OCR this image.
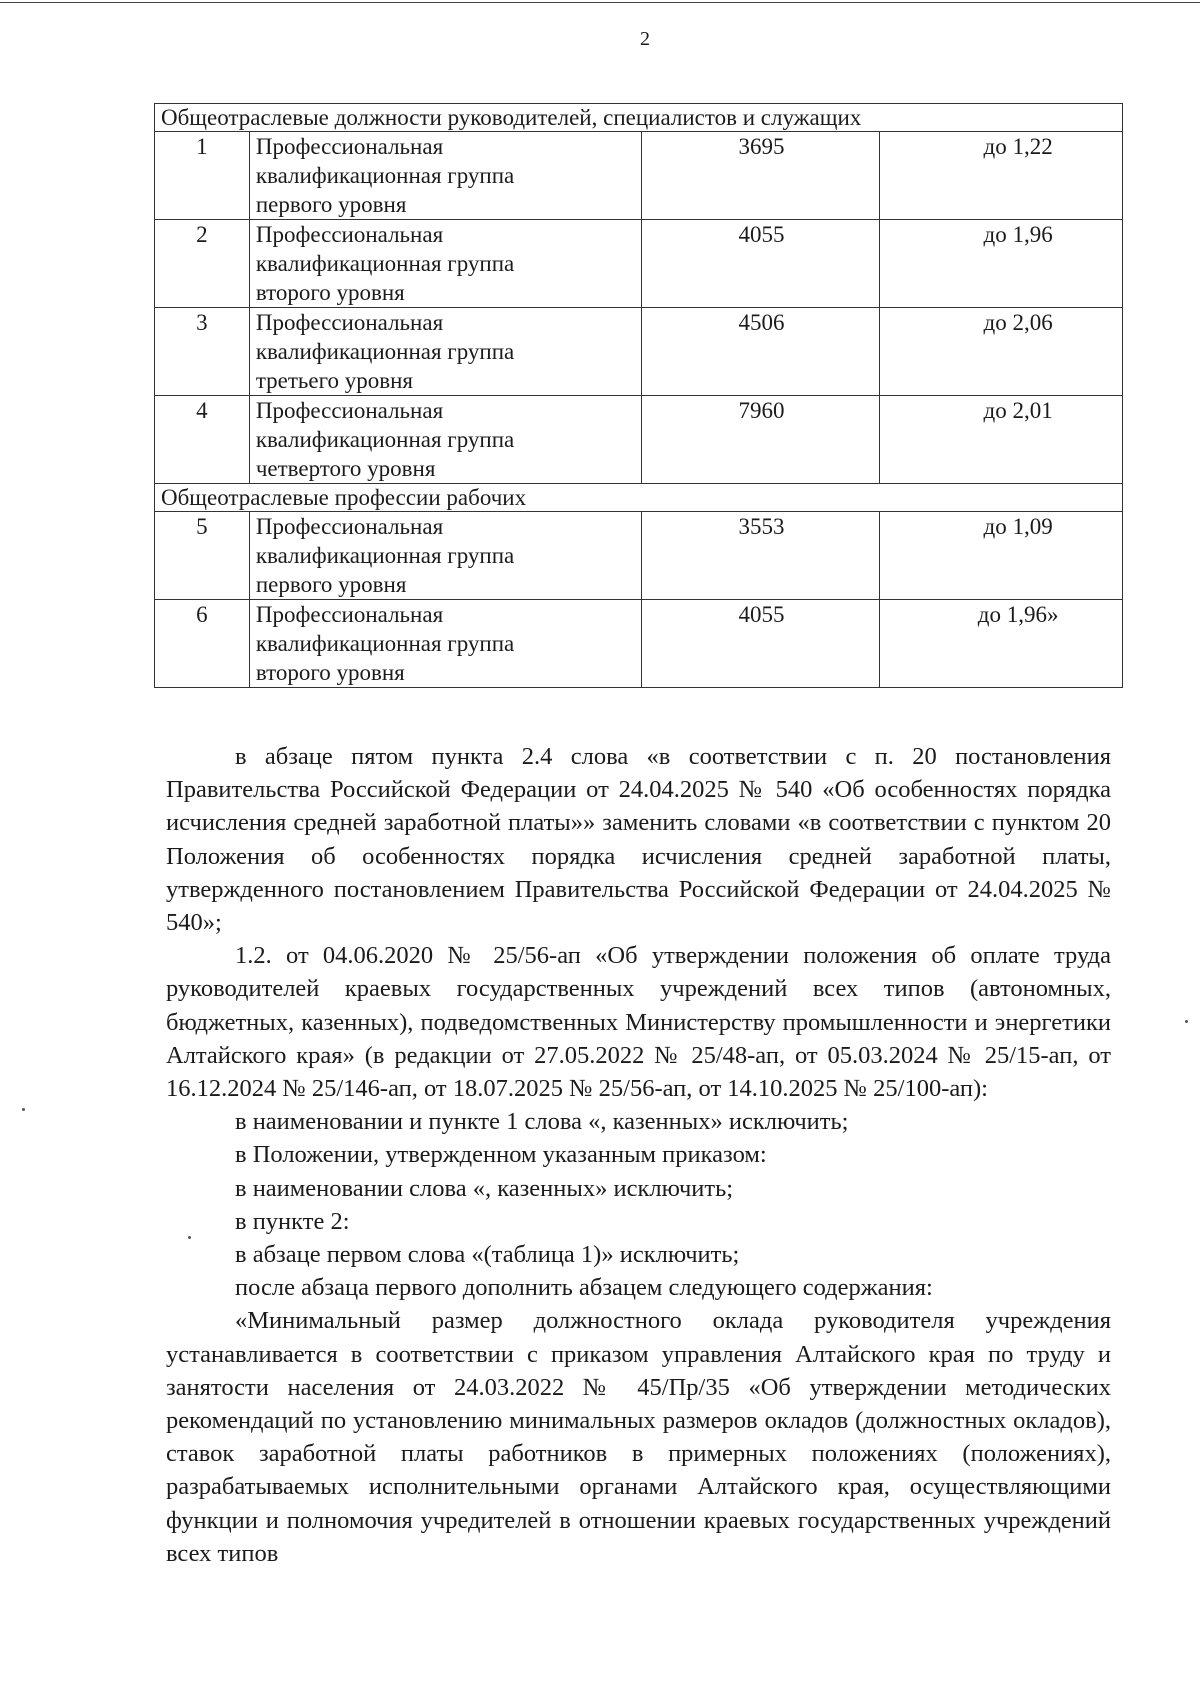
2
Общеотраслевые должности руководителей, специалистов и служащих			
1	Профессиональная
квалификационная группа
первого уровня	3695	до 1,22
2	Профессиональная
квалификационная группа
второго уровня	4055	до 1,96
3	Профессиональная
квалификационная группа
третьего уровня	4506	до 2,06
4	Профессиональная
квалификационная группа
четвертого уровня	7960	до 2,01
Общеотраслевые профессии рабочих			
5	Профессиональная
квалификационная группа
первого уровня	3553	до 1,09
6	Профессиональная
квалификационная группа
второго уровня	4055	до 1,96»

в абзаце пятом пункта 2.4 слова «в соответствии с п. 20 постановления Правительства Российской Федерации от 24.04.2025 № 540 «Об особенностях порядка исчисления средней заработной платы»» заменить словами «в соответствии с пунктом 20 Положения об особенностях порядка исчисления средней заработной платы, утвержденного постановлением Правительства Российской Федерации от 24.04.2025 № 540»;

1.2. от 04.06.2020 № 25/56-ап «Об утверждении положения об оплате труда руководителей краевых государственных учреждений всех типов (автономных, бюджетных, казенных), подведомственных Министерству промышленности и энергетики Алтайского края» (в редакции от 27.05.2022 № 25/48-ап, от 05.03.2024 № 25/15-ап, от 16.12.2024 № 25/146-ап, от 18.07.2025 № 25/56-ап, от 14.10.2025 № 25/100-ап):

в наименовании и пункте 1 слова «, казенных» исключить;

в Положении, утвержденном указанным приказом:

в наименовании слова «, казенных» исключить;

в пункте 2:

в абзаце первом слова «(таблица 1)» исключить;

после абзаца первого дополнить абзацем следующего содержания:

«Минимальный размер должностного оклада руководителя учреждения устанавливается в соответствии с приказом управления Алтайского края по труду и занятости населения от 24.03.2022 № 45/Пр/35 «Об утверждении методических рекомендаций по установлению минимальных размеров окладов (должностных окладов), ставок заработной платы работников в примерных положениях (положениях), разрабатываемых исполнительными органами Алтайского края, осуществляющими функции и полномочия учредителей в отношении краевых государственных учреждений всех типов
